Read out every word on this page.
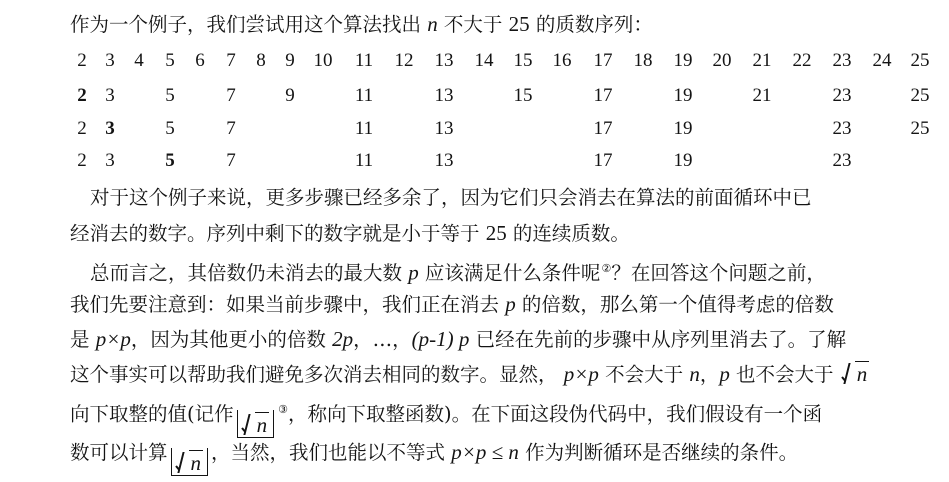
作为一个例子，我们尝试用这个算法找出 n 不大于 25 的质数序列：
2 3 4 5 6 7 8 9 10 11 12 13 14 15 16 17 18 19 20 21 22 23 24 25
2 3	5	7	9	11	13	15	17	19	21	23	25
2 3	5	7	11	13	17	19	23	25
2 3	5	7	11	13	17	19	23
对于这个例子来说，更多步骤已经多余了，因为它们只会消去在算法的前面循环中已
经消去的数字。序列中剩下的数字就是小于等于 25 的连续质数。
总而言之，其倍数仍未消去的最大数 p 应该满足什么条件呢②？在回答这个问题之前，
我们先要注意到：如果当前步骤中，我们正在消去 p 的倍数，那么第一个值得考虑的倍数
是 p×p，因为其他更小的倍数 2p，…，(p-1) p 已经在先前的步骤中从序列里消去了。了解
这个事实可以帮助我们避免多次消去相同的数字。显然， p×p 不会大于 n，p 也不会大于 n
向下取整的值(记作 n③，称向下取整函数)。在下面这段伪代码中，我们假设有一个函
数可以计算 n ，当然，我们也能以不等式 p×p ≤ n 作为判断循环是否继续的条件。
